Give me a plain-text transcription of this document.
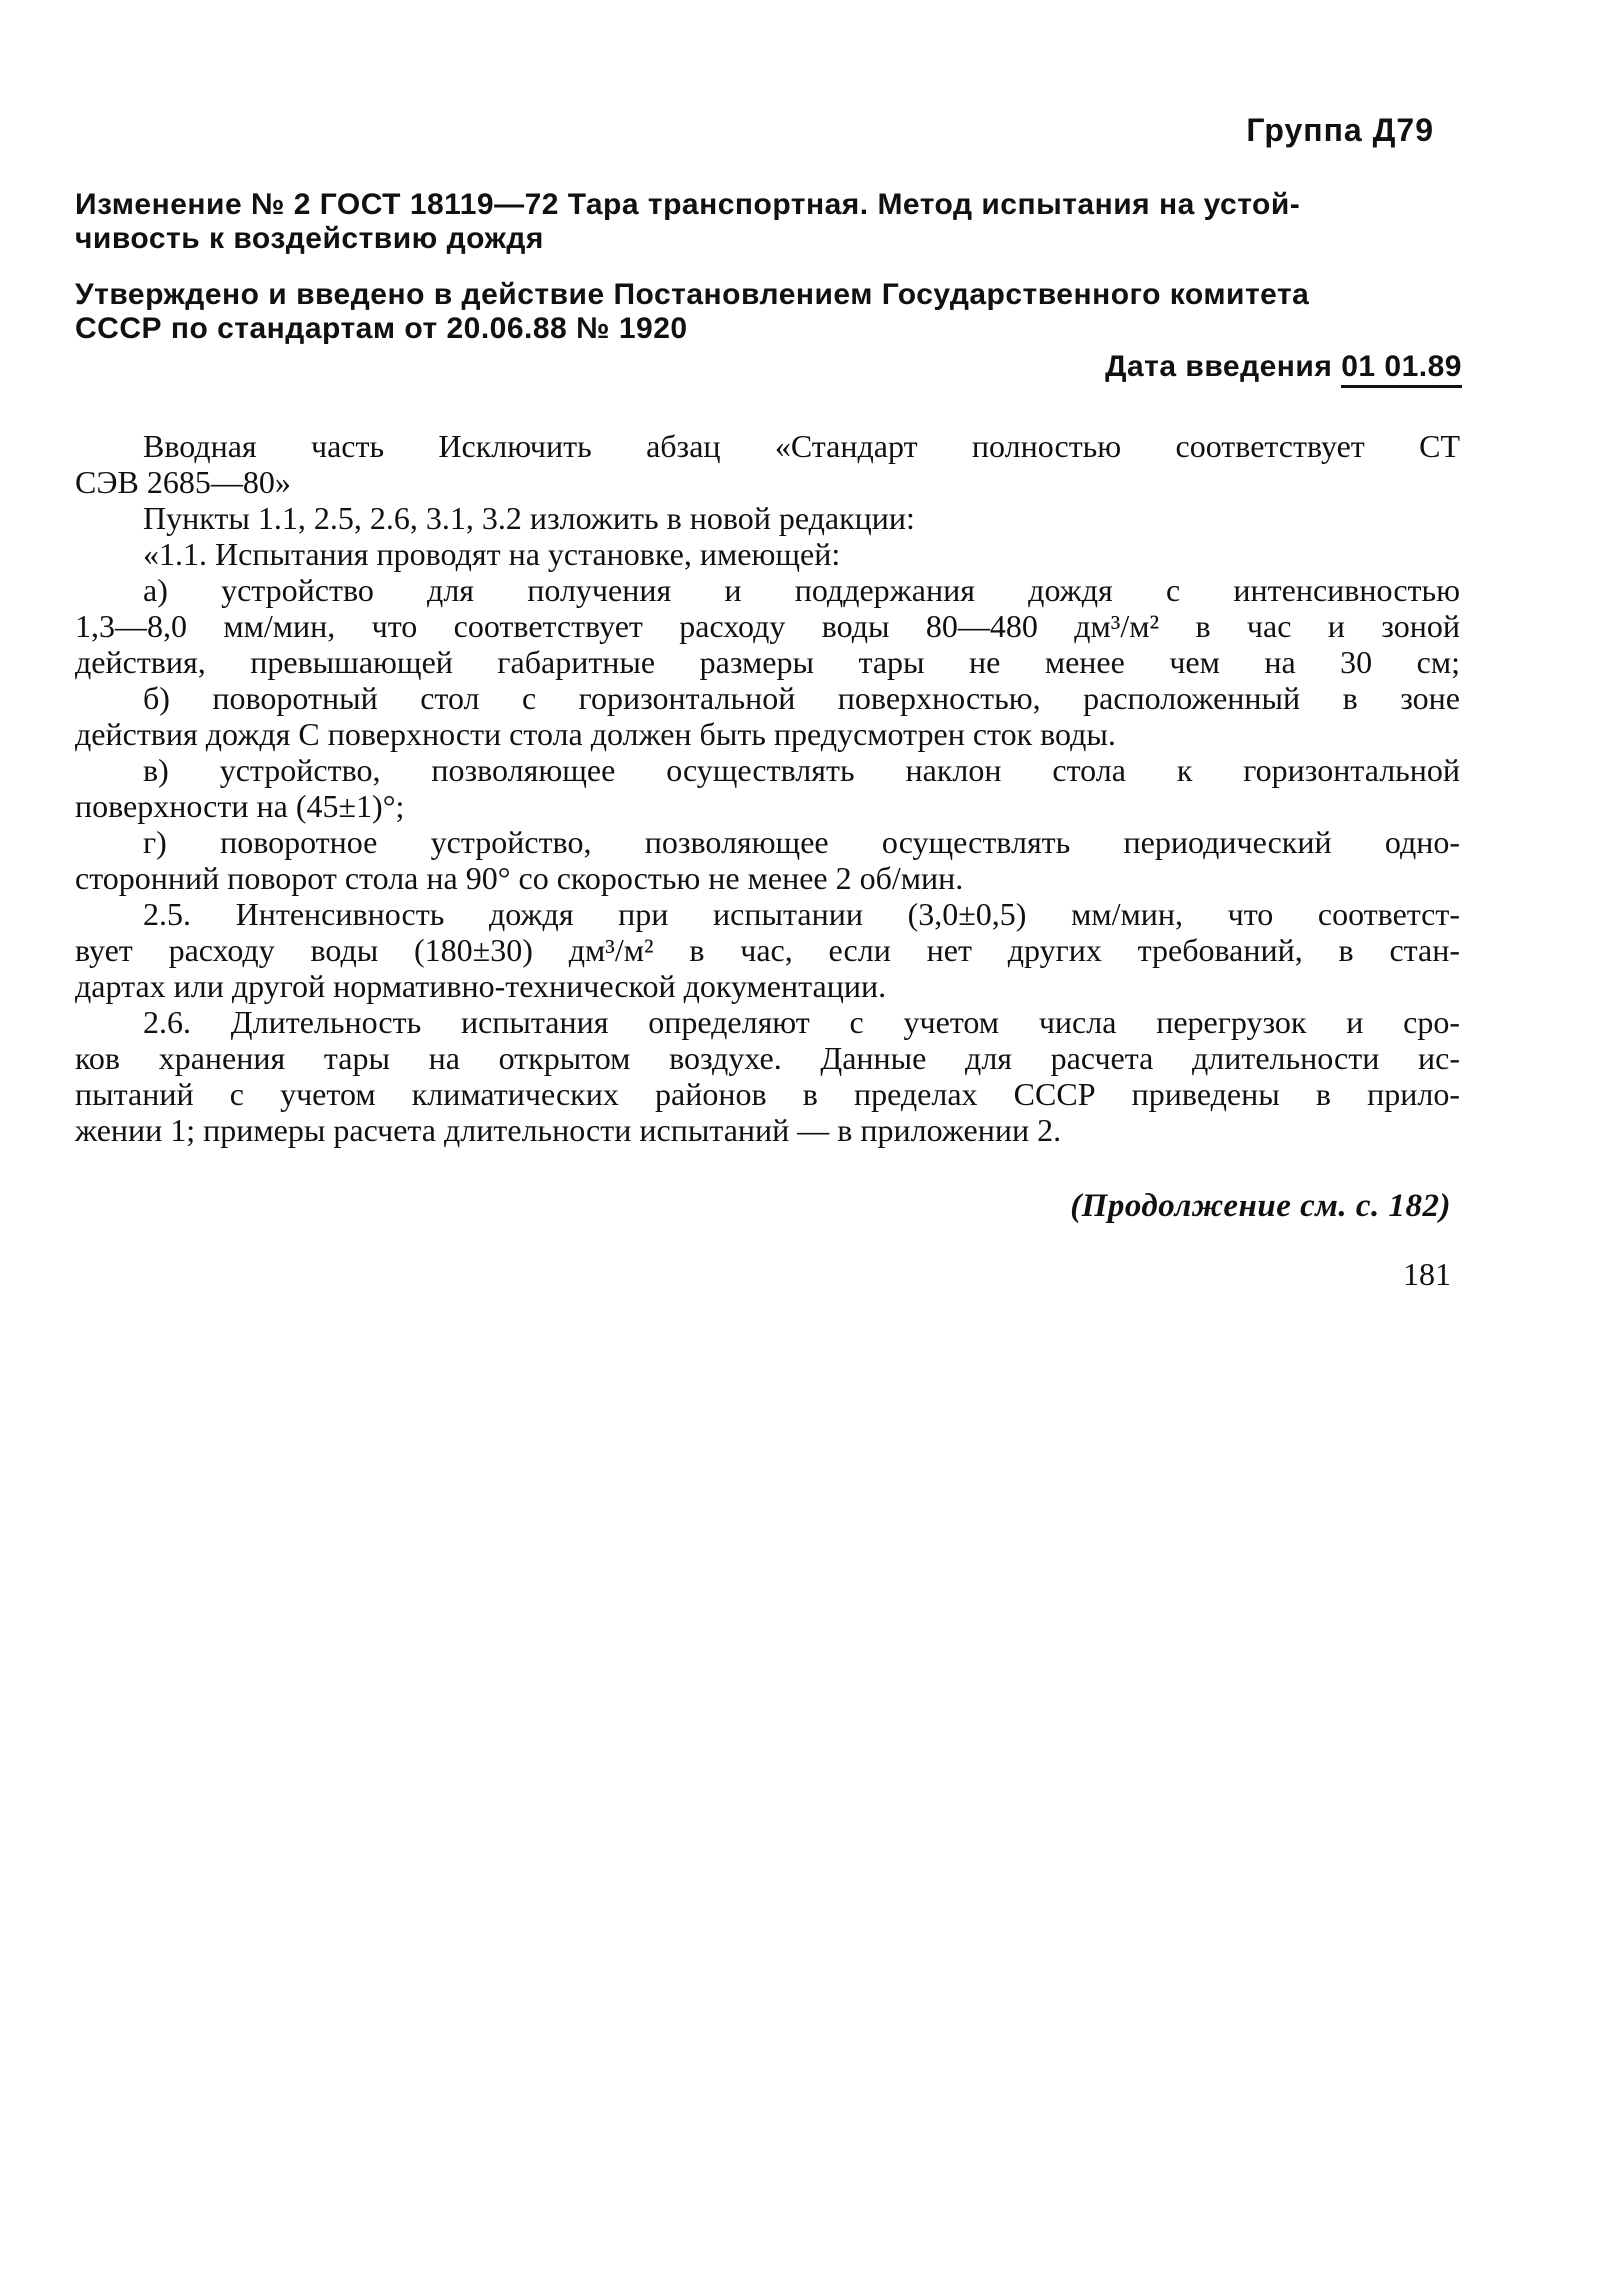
Группа Д79
Изменение № 2 ГОСТ 18119—72 Тара транспортная. Метод испытания на устой-
чивость к воздействию дождя
Утверждено и введено в действие Постановлением Государственного комитета
СССР по стандартам от 20.06.88 № 1920
Дата введения 01 01.89
Вводная часть Исключить абзац «Стандарт полностью соответствует СТ
СЭВ 2685—80»
Пункты 1.1, 2.5, 2.6, 3.1, 3.2 изложить в новой редакции:
«1.1. Испытания проводят на установке, имеющей:
а) устройство для получения и поддержания дождя с интенсивностью
1,3—8,0 мм/мин, что соответствует расходу воды 80—480 дм³/м² в час и зоной
действия, превышающей габаритные размеры тары не менее чем на 30 см;
б) поворотный стол с горизонтальной поверхностью, расположенный в зоне
действия дождя С поверхности стола должен быть предусмотрен сток воды.
в) устройство, позволяющее осуществлять наклон стола к горизонтальной
поверхности на (45±1)°;
г) поворотное устройство, позволяющее осуществлять периодический одно-
сторонний поворот стола на 90° со скоростью не менее 2 об/мин.
2.5. Интенсивность дождя при испытании (3,0±0,5) мм/мин, что соответст-
вует расходу воды (180±30) дм³/м² в час, если нет других требований, в стан-
дартах или другой нормативно-технической документации.
2.6. Длительность испытания определяют с учетом числа перегрузок и сро-
ков хранения тары на открытом воздухе. Данные для расчета длительности ис-
пытаний с учетом климатических районов в пределах СССР приведены в прило-
жении 1; примеры расчета длительности испытаний — в приложении 2.
(Продолжение см. с. 182)
181
